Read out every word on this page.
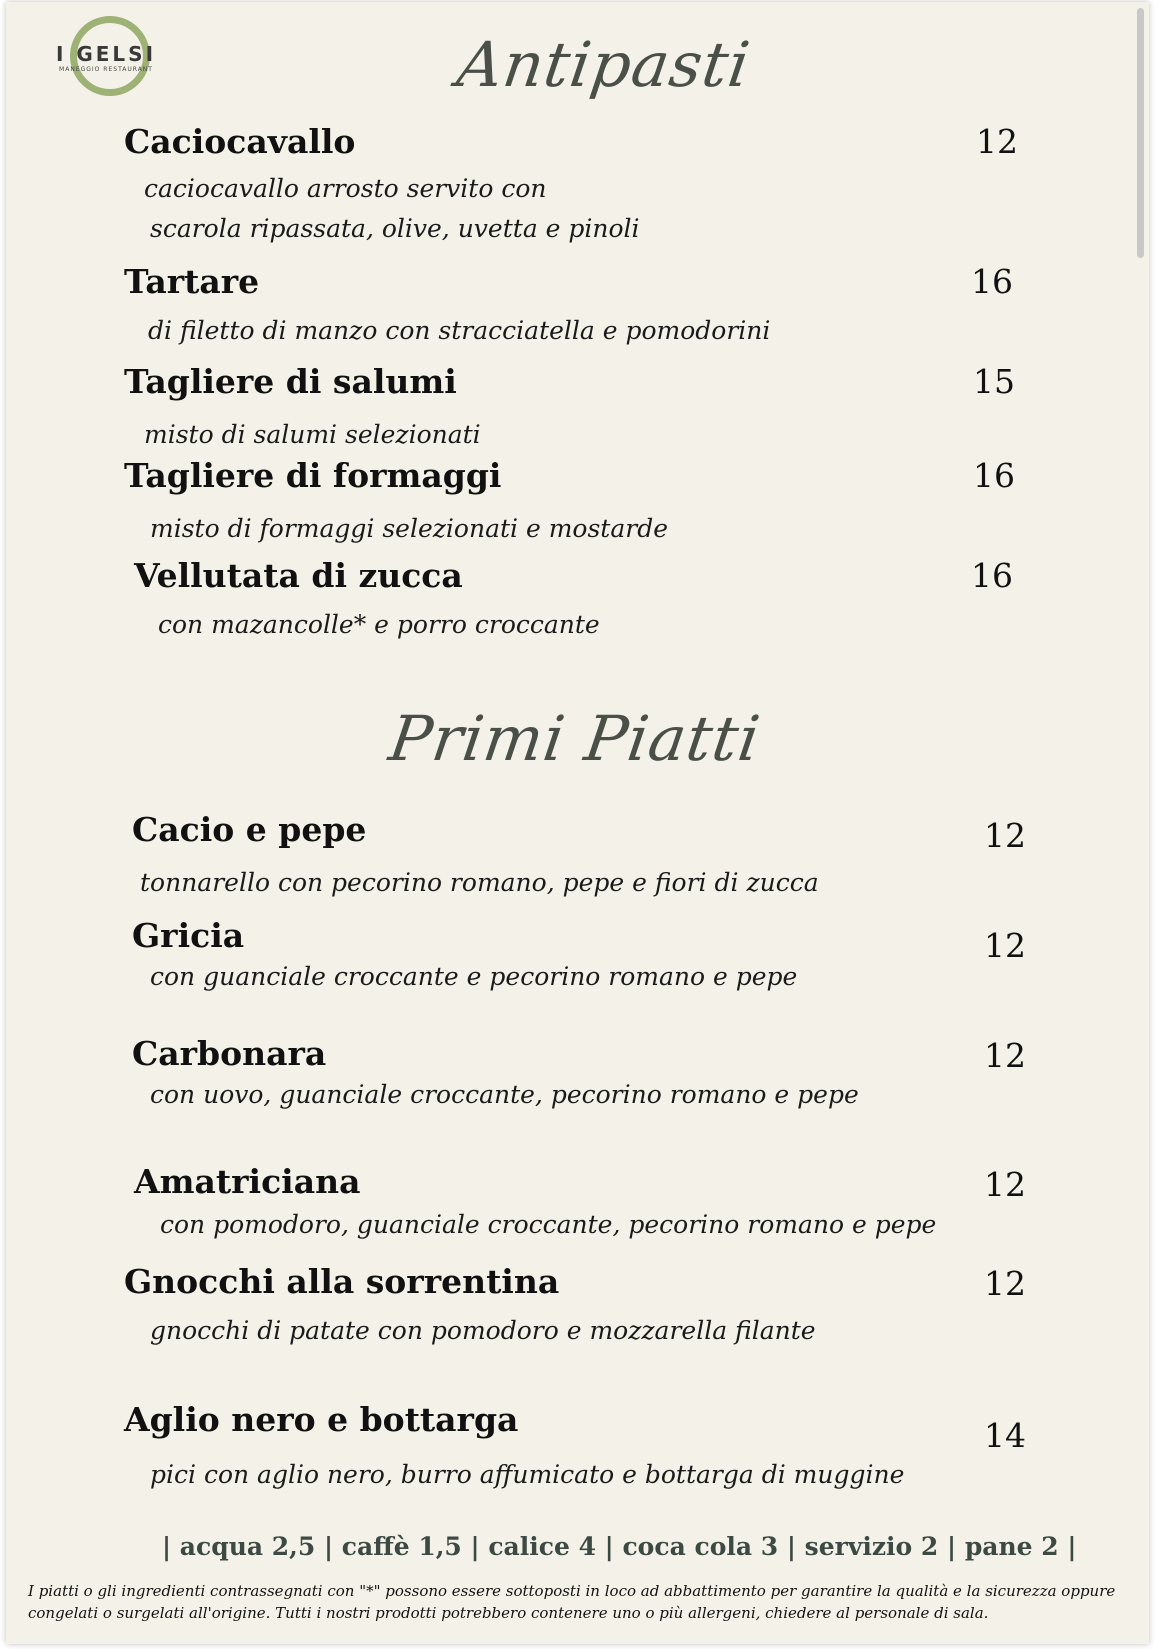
I GELSI
MANEGGIO RESTAURANT	Antipasti
Caciocavallo	12
caciocavallo arrosto servito con
scarola ripassata, olive, uvetta e pinoli
Tartare	16
di filetto di manzo con stracciatella e pomodorini
Tagliere di salumi	15
misto di salumi selezionati
Tagliere di formaggi	16
misto di formaggi selezionati e mostarde
Vellutata di zucca	16
con mazancolle* e porro croccante
Primi Piatti
Cacio e pepe	12
tonnarello con pecorino romano, pepe e fiori di zucca
Gricia	12
con guanciale croccante e pecorino romano e pepe
Carbonara	12
con uovo, guanciale croccante, pecorino romano e pepe
Amatriciana	12
con pomodoro, guanciale croccante, pecorino romano e pepe
Gnocchi alla sorrentina	12
gnocchi di patate con pomodoro e mozzarella filante
Aglio nero e bottarga	14
pici con aglio nero, burro affumicato e bottarga di muggine
| acqua 2,5 | caffè 1,5 | calice 4 | coca cola 3 | servizio 2 | pane 2 |
I piatti o gli ingredienti contrassegnati con "*" possono essere sottoposti in loco ad abbattimento per garantire la qualità e la sicurezza oppure congelati o surgelati all'origine. Tutti i nostri prodotti potrebbero contenere uno o più allergeni, chiedere al personale di sala.
